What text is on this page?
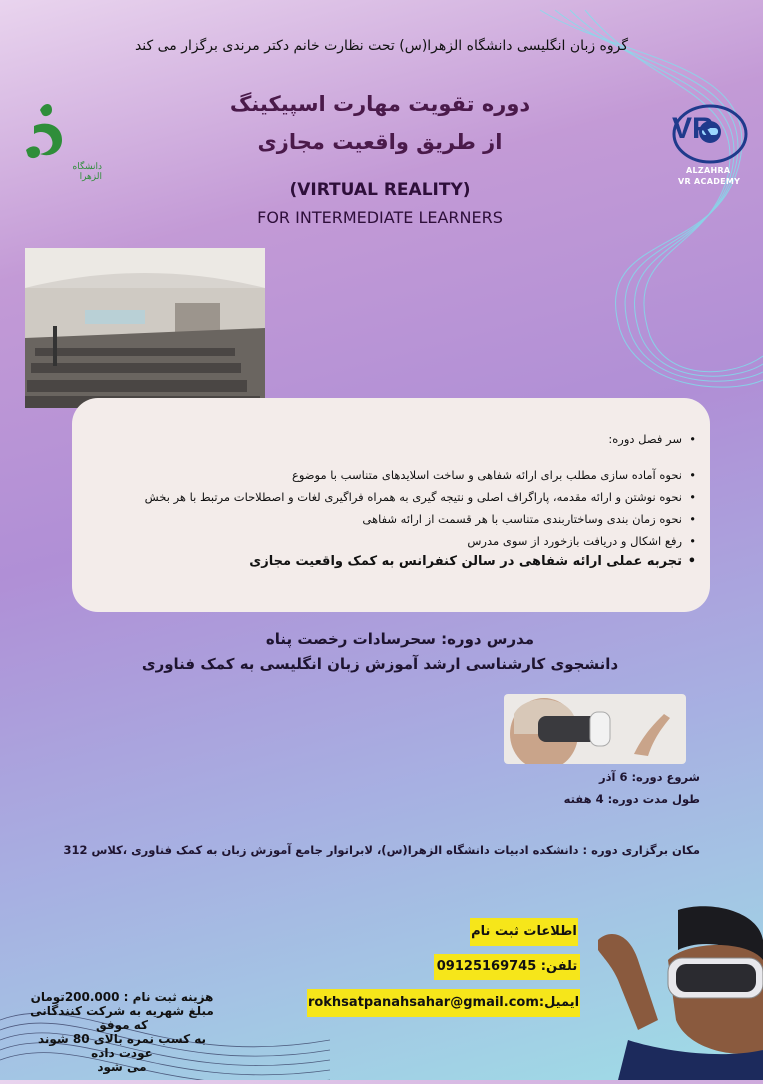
گروه زبان انگلیسی دانشگاه الزهرا(س) تحت نظارت خانم دکتر مرندی برگزار می کند
دانشگاه الزهرا
VR
ALZAHRA
VR ACADEMY
دوره تقویت مهارت اسپیکینگ
از طریق واقعیت مجازی
(VIRTUAL REALITY)
FOR INTERMEDIATE LEARNERS
• سر فصل دوره:
• نحوه آماده سازی مطلب برای ارائه شفاهی و ساخت اسلایدهای متناسب با موضوع
• نحوه نوشتن و ارائه مقدمه، پاراگراف اصلی و نتیجه گیری به همراه فراگیری لغات و اصطلاحات مرتبط با هر بخش
• نحوه زمان بندی وساختاربندی متناسب با هر قسمت از ارائه شفاهی
• رفع اشکال و دریافت بازخورد از سوی مدرس
• تجربه عملی ارائه شفاهی در سالن کنفرانس به کمک واقعیت مجازی
مدرس دوره: سحرسادات رخصت پناه
دانشجوی کارشناسی ارشد آموزش زبان انگلیسی به کمک فناوری
شروع دوره: 6 آذر
طول مدت دوره: 4 هفته
مکان برگزاری دوره : دانشکده ادبیات دانشگاه الزهرا(س)، لابراتوار جامع آموزش زبان به کمک فناوری ،کلاس 312
اطلاعات ثبت نام
تلفن: 09125169745
ایمیل:rokhsatpanahsahar@gmail.com
هزینه ثبت نام : 200.000تومان
مبلغ شهریه به شرکت کنندگانی که موفق
به کسب نمره بالای 80 شوند عودت داده
می شود
